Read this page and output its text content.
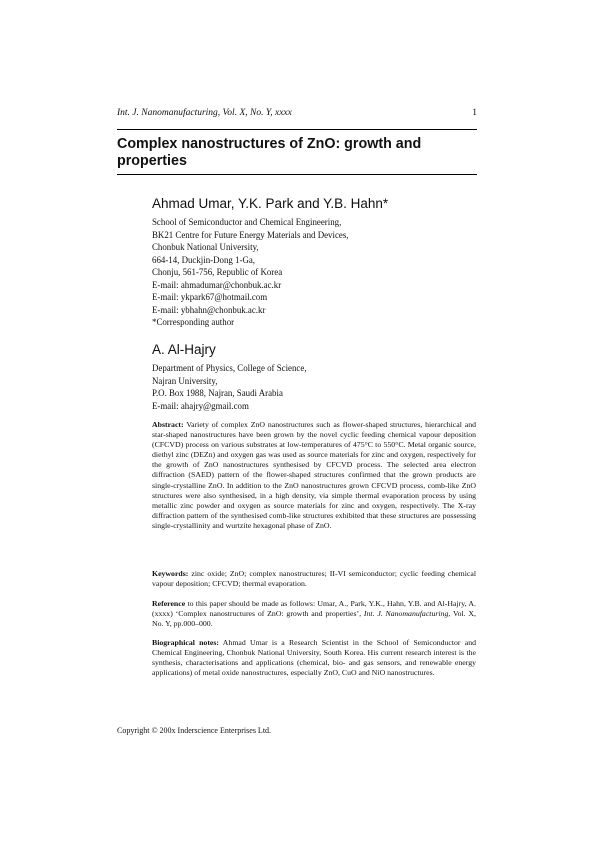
Int. J. Nanomanufacturing, Vol. X, No. Y, xxxx	1
Complex nanostructures of ZnO: growth and properties
Ahmad Umar, Y.K. Park and Y.B. Hahn*
School of Semiconductor and Chemical Engineering,
BK21 Centre for Future Energy Materials and Devices,
Chonbuk National University,
664-14, Duckjin-Dong 1-Ga,
Chonju, 561-756, Republic of Korea
E-mail: ahmadumar@chonbuk.ac.kr
E-mail: ykpark67@hotmail.com
E-mail: ybhahn@chonbuk.ac.kr
*Corresponding author
A. Al-Hajry
Department of Physics, College of Science,
Najran University,
P.O. Box 1988, Najran, Saudi Arabia
E-mail: ahajry@gmail.com
Abstract: Variety of complex ZnO nanostructures such as flower-shaped structures, hierarchical and star-shaped nanostructures have been grown by the novel cyclic feeding chemical vapour deposition (CFCVD) process on various substrates at low-temperatures of 475°C to 550°C. Metal organic source, diethyl zinc (DEZn) and oxygen gas was used as source materials for zinc and oxygen, respectively for the growth of ZnO nanostructures synthesised by CFCVD process. The selected area electron diffraction (SAED) pattern of the flower-shaped structures confirmed that the grown products are single-crystalline ZnO. In addition to the ZnO nanostructures grown CFCVD process, comb-like ZnO structures were also synthesised, in a high density, via simple thermal evaporation process by using metallic zinc powder and oxygen as source materials for zinc and oxygen, respectively. The X-ray diffraction pattern of the synthesised comb-like structures exhibited that these structures are possessing single-crystallinity and wurtzite hexagonal phase of ZnO.
Keywords: zinc oxide; ZnO; complex nanostructures; II-VI semiconductor; cyclic feeding chemical vapour deposition; CFCVD; thermal evaporation.
Reference to this paper should be made as follows: Umar, A., Park, Y.K., Hahn, Y.B. and Al-Hajry, A. (xxxx) ‘Complex nanostructures of ZnO: growth and properties’, Int. J. Nanomanufacturing, Vol. X, No. Y, pp.000–000.
Biographical notes: Ahmad Umar is a Research Scientist in the School of Semiconductor and Chemical Engineering, Chonbuk National University, South Korea. His current research interest is the synthesis, characterisations and applications (chemical, bio- and gas sensors, and renewable energy applications) of metal oxide nanostructures, especially ZnO, CuO and NiO nanostructures.
Copyright © 200x Inderscience Enterprises Ltd.
